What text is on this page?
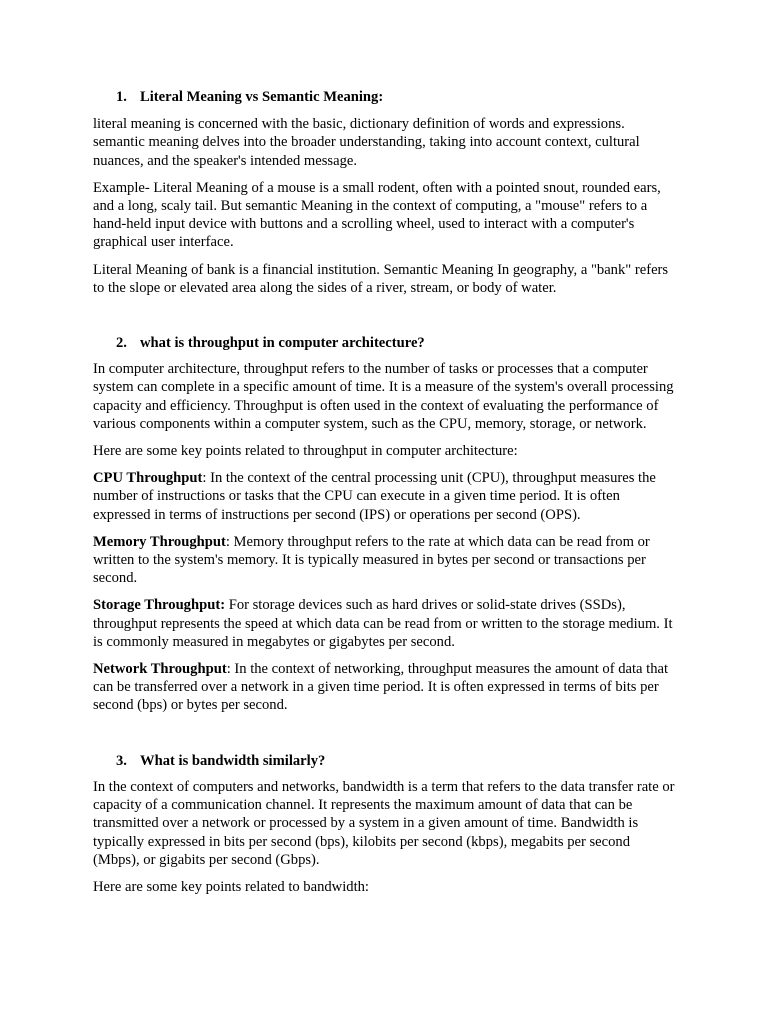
1. Literal Meaning vs Semantic Meaning:

literal meaning is concerned with the basic, dictionary definition of words and expressions. semantic meaning delves into the broader understanding, taking into account context, cultural nuances, and the speaker's intended message.

Example- Literal Meaning of a mouse is a small rodent, often with a pointed snout, rounded ears, and a long, scaly tail. But semantic Meaning in the context of computing, a "mouse" refers to a hand-held input device with buttons and a scrolling wheel, used to interact with a computer's graphical user interface.

Literal Meaning of bank is a financial institution. Semantic Meaning In geography, a "bank" refers to the slope or elevated area along the sides of a river, stream, or body of water.

2. what is throughput in computer architecture?

In computer architecture, throughput refers to the number of tasks or processes that a computer system can complete in a specific amount of time. It is a measure of the system's overall processing capacity and efficiency. Throughput is often used in the context of evaluating the performance of various components within a computer system, such as the CPU, memory, storage, or network.

Here are some key points related to throughput in computer architecture:

CPU Throughput: In the context of the central processing unit (CPU), throughput measures the number of instructions or tasks that the CPU can execute in a given time period. It is often expressed in terms of instructions per second (IPS) or operations per second (OPS).

Memory Throughput: Memory throughput refers to the rate at which data can be read from or written to the system's memory. It is typically measured in bytes per second or transactions per second.

Storage Throughput: For storage devices such as hard drives or solid-state drives (SSDs), throughput represents the speed at which data can be read from or written to the storage medium. It is commonly measured in megabytes or gigabytes per second.

Network Throughput: In the context of networking, throughput measures the amount of data that can be transferred over a network in a given time period. It is often expressed in terms of bits per second (bps) or bytes per second.

3. What is bandwidth similarly?

In the context of computers and networks, bandwidth is a term that refers to the data transfer rate or capacity of a communication channel. It represents the maximum amount of data that can be transmitted over a network or processed by a system in a given amount of time. Bandwidth is typically expressed in bits per second (bps), kilobits per second (kbps), megabits per second (Mbps), or gigabits per second (Gbps).

Here are some key points related to bandwidth:
